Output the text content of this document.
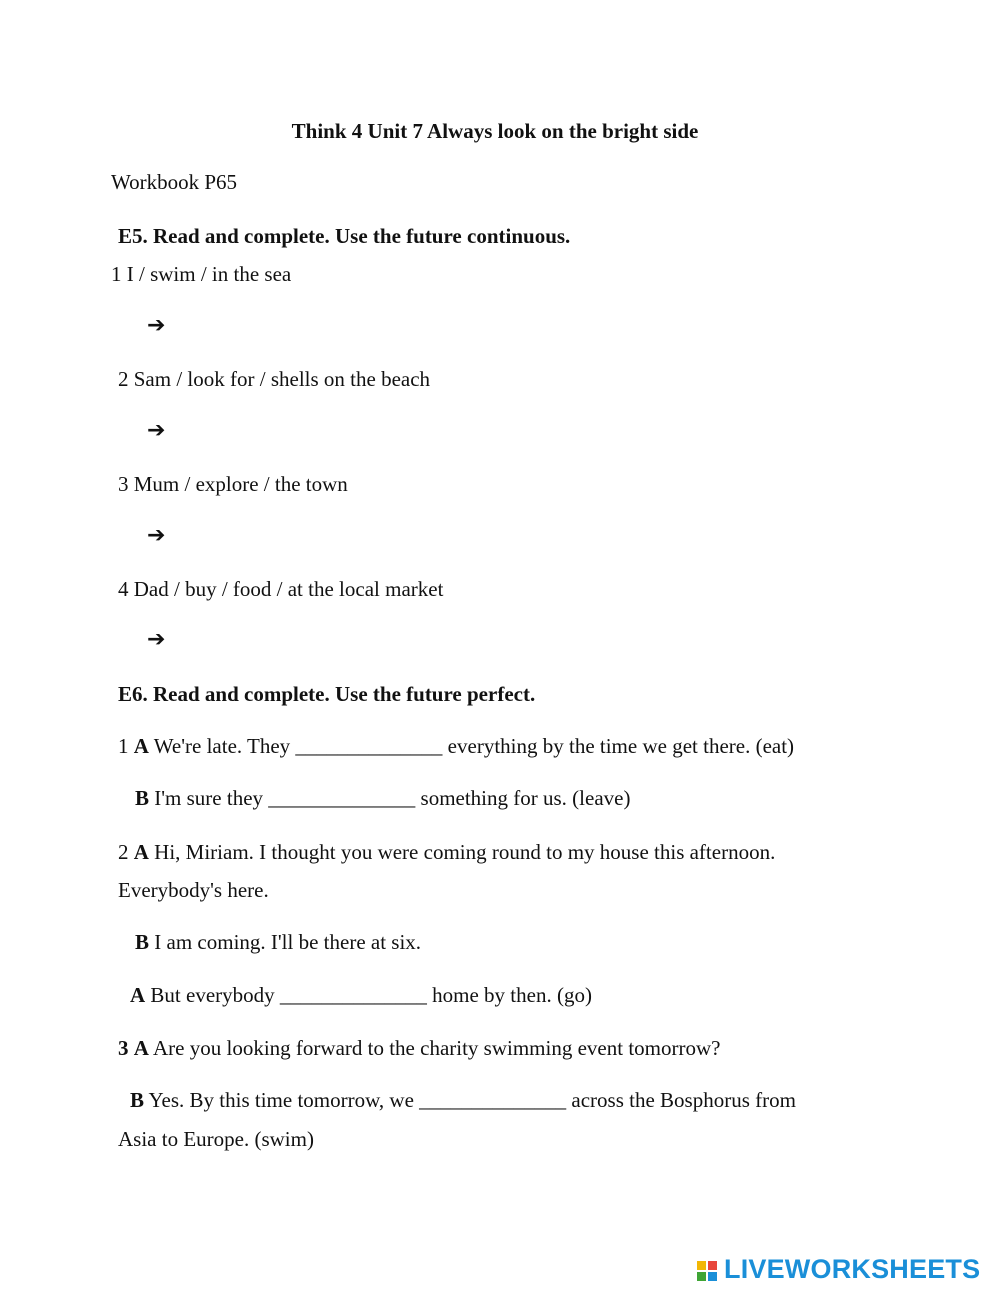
Think 4 Unit 7 Always look on the bright side
Workbook P65
E5. Read and complete. Use the future continuous.
1 I / swim / in the sea
➔
2 Sam / look for / shells on the beach
➔
3 Mum / explore / the town
➔
4 Dad / buy / food / at the local market
➔
E6. Read and complete. Use the future perfect.
1 A We're late. They ______________ everything by the time we get there. (eat)
B I'm sure they ______________ something for us. (leave)
2 A Hi, Miriam. I thought you were coming round to my house this afternoon.
Everybody's here.
B I am coming. I'll be there at six.
A But everybody ______________ home by then. (go)
3 A Are you looking forward to the charity swimming event tomorrow?
B Yes. By this time tomorrow, we ______________ across the Bosphorus from
Asia to Europe. (swim)
LIVEWORKSHEETS
